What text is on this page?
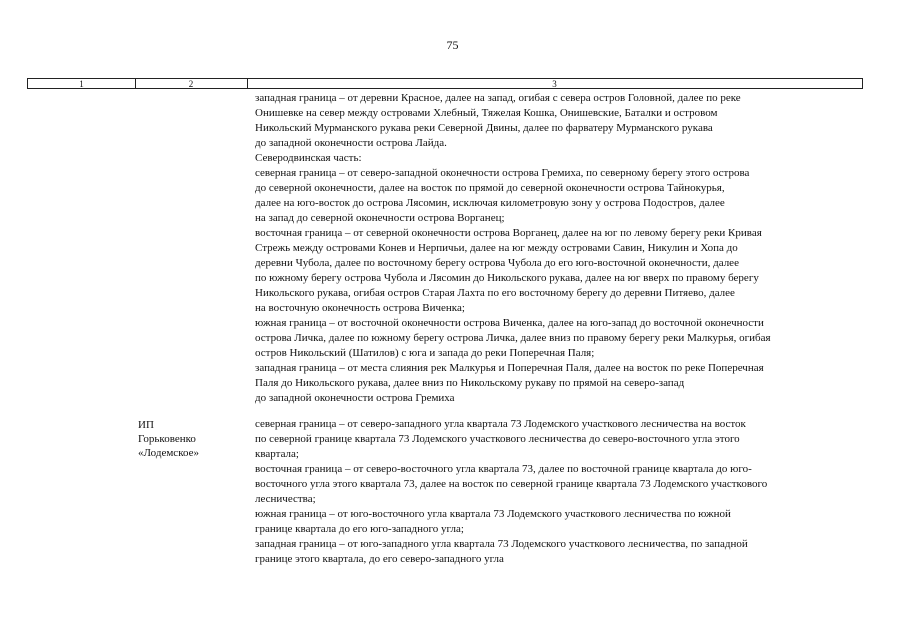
75
1	2	3
западная граница – от деревни Красное, далее на запад, огибая с севера остров Головной, далее по реке
Онишевке на север между островами Хлебный, Тяжелая Кошка, Онишевские, Баталки и островом
Никольский Мурманского рукава реки Северной Двины, далее по фарватеру Мурманского рукава
до западной оконечности острова Лайда.
Северодвинская часть:
северная граница – от северо-западной оконечности острова Гремиха, по северному берегу этого острова
до северной оконечности, далее на восток по прямой до северной оконечности острова Тайнокурья,
далее на юго-восток до острова Лясомин, исключая километровую зону у острова Подостров, далее
на запад до северной оконечности острова Ворганец;
восточная граница – от северной оконечности острова Ворганец, далее на юг по левому берегу реки Кривая
Стрежь между островами Конев и Нерпичьи, далее на юг между островами Савин, Никулин и Хопа до
деревни Чубола, далее по восточному берегу острова Чубола до его юго-восточной оконечности, далее
по южному берегу острова Чубола и Лясомин до Никольского рукава, далее на юг вверх по правому берегу
Никольского рукава, огибая остров Старая Лахта по его восточному берегу до деревни Питяево, далее
на восточную оконечность острова Виченка;
южная граница – от восточной оконечности острова Виченка, далее на юго-запад до восточной оконечности
острова Личка, далее по южному берегу острова Личка, далее вниз по правому берегу реки Малкурья, огибая
остров Никольский (Шатилов) с юга и запада до реки Поперечная Паля;
западная граница – от места слияния рек Малкурья и Поперечная Паля, далее на восток по реке Поперечная
Паля до Никольского рукава, далее вниз по Никольскому рукаву по прямой на северо-запад
до западной оконечности острова Гремиха
ИП Горьковенко
«Лодемское»
северная граница – от северо-западного угла квартала 73 Лодемского участкового лесничества на восток
по северной границе квартала 73 Лодемского участкового лесничества до северо-восточного угла этого
квартала;
восточная граница – от северо-восточного угла квартала 73, далее по восточной границе квартала до юго-
восточного угла этого квартала 73, далее на восток по северной границе квартала 73 Лодемского участкового
лесничества;
южная граница – от юго-восточного угла квартала 73 Лодемского участкового лесничества по южной
границе квартала до его юго-западного угла;
западная граница – от юго-западного угла квартала 73 Лодемского участкового лесничества, по западной
границе этого квартала, до его северо-западного угла
